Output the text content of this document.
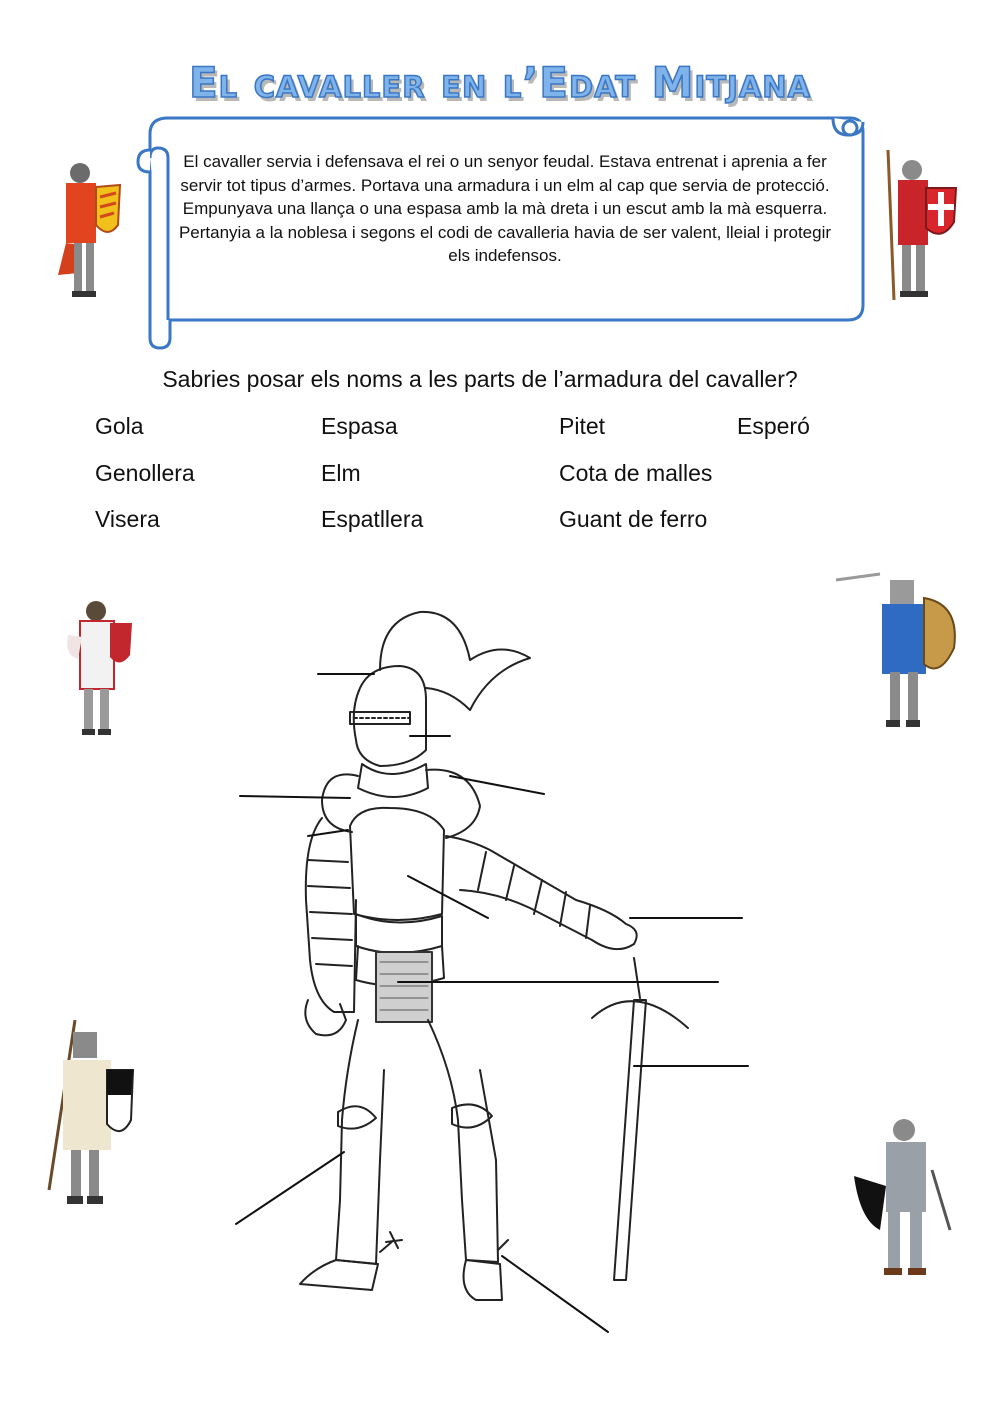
El cavaller en l’Edat Mitjana

El cavaller servia i defensava el rei o un senyor feudal. Estava entrenat i aprenia a fer servir tot tipus d’armes. Portava una armadura i un elm al cap que servia de protecció. Empunyava una llança o una espasa amb la mà dreta i un escut amb la mà esquerra.

Pertanyia a la noblesa i segons el codi de cavalleria havia de ser valent, lleial i protegir els indefensos.

Sabries posar els noms a les parts de l’armadura del cavaller?
Gola	Espasa	Pitet	Esperó
Genollera	Elm	Cota de malles
Visera	Espatllera	Guant de ferro
